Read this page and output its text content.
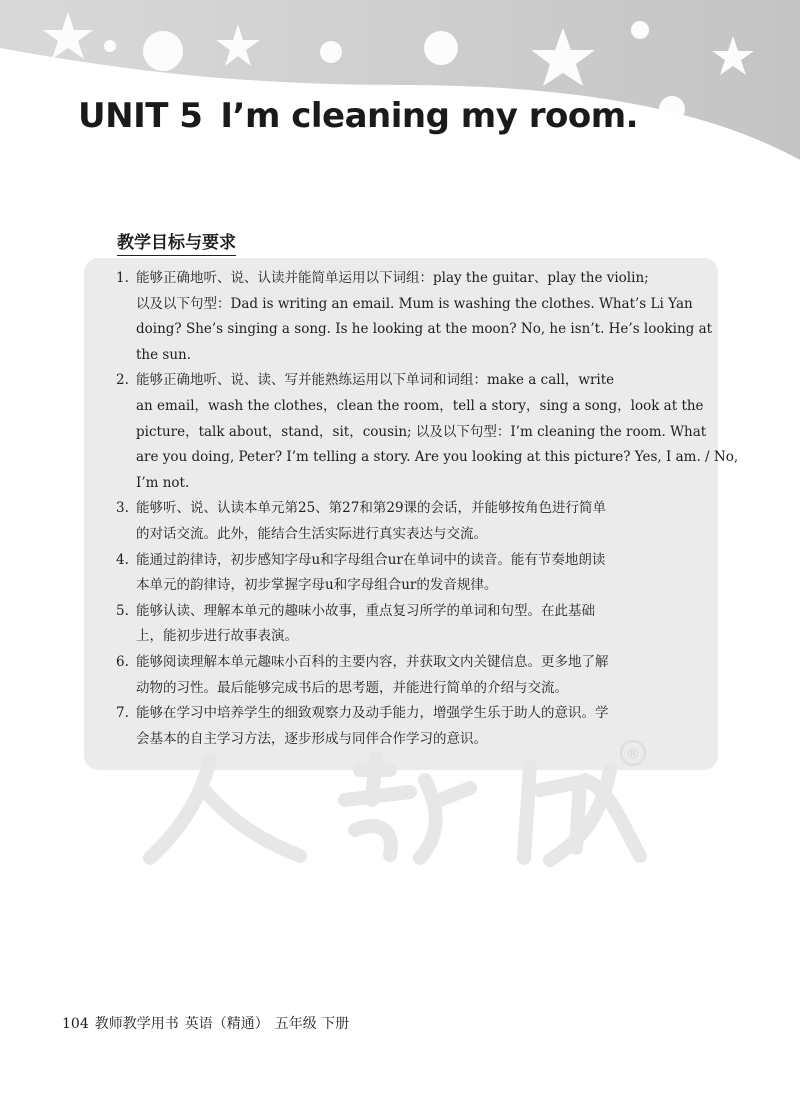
UNIT 5 I’m cleaning my room.
教学目标与要求
1. 能够正确地听、说、认读并能简单运用以下词组：play the guitar、play the violin;
以及以下句型：Dad is writing an email. Mum is washing the clothes. What’s Li Yan
doing? She’s singing a song. Is he looking at the moon? No, he isn’t. He’s looking at
the sun.
2. 能够正确地听、说、读、写并能熟练运用以下单词和词组：make a call，write
an email，wash the clothes，clean the room，tell a story，sing a song，look at the
picture，talk about，stand，sit，cousin; 以及以下句型：I’m cleaning the room. What
are you doing, Peter? I’m telling a story. Are you looking at this picture? Yes, I am. / No,
I’m not.
3. 能够听、说、认读本单元第25、第27和第29课的会话，并能够按角色进行简单
的对话交流。此外，能结合生活实际进行真实表达与交流。
4. 能通过韵律诗，初步感知字母u和字母组合ur在单词中的读音。能有节奏地朗读
本单元的韵律诗，初步掌握字母u和字母组合ur的发音规律。
5. 能够认读、理解本单元的趣味小故事，重点复习所学的单词和句型。在此基础
上，能初步进行故事表演。
6. 能够阅读理解本单元趣味小百科的主要内容，并获取文内关键信息。更多地了解
动物的习性。最后能够完成书后的思考题，并能进行简单的介绍与交流。
7. 能够在学习中培养学生的细致观察力及动手能力，增强学生乐于助人的意识。学
会基本的自主学习方法，逐步形成与同伴合作学习的意识。
®
104 教师教学用书 英语（精通） 五年级 下册
